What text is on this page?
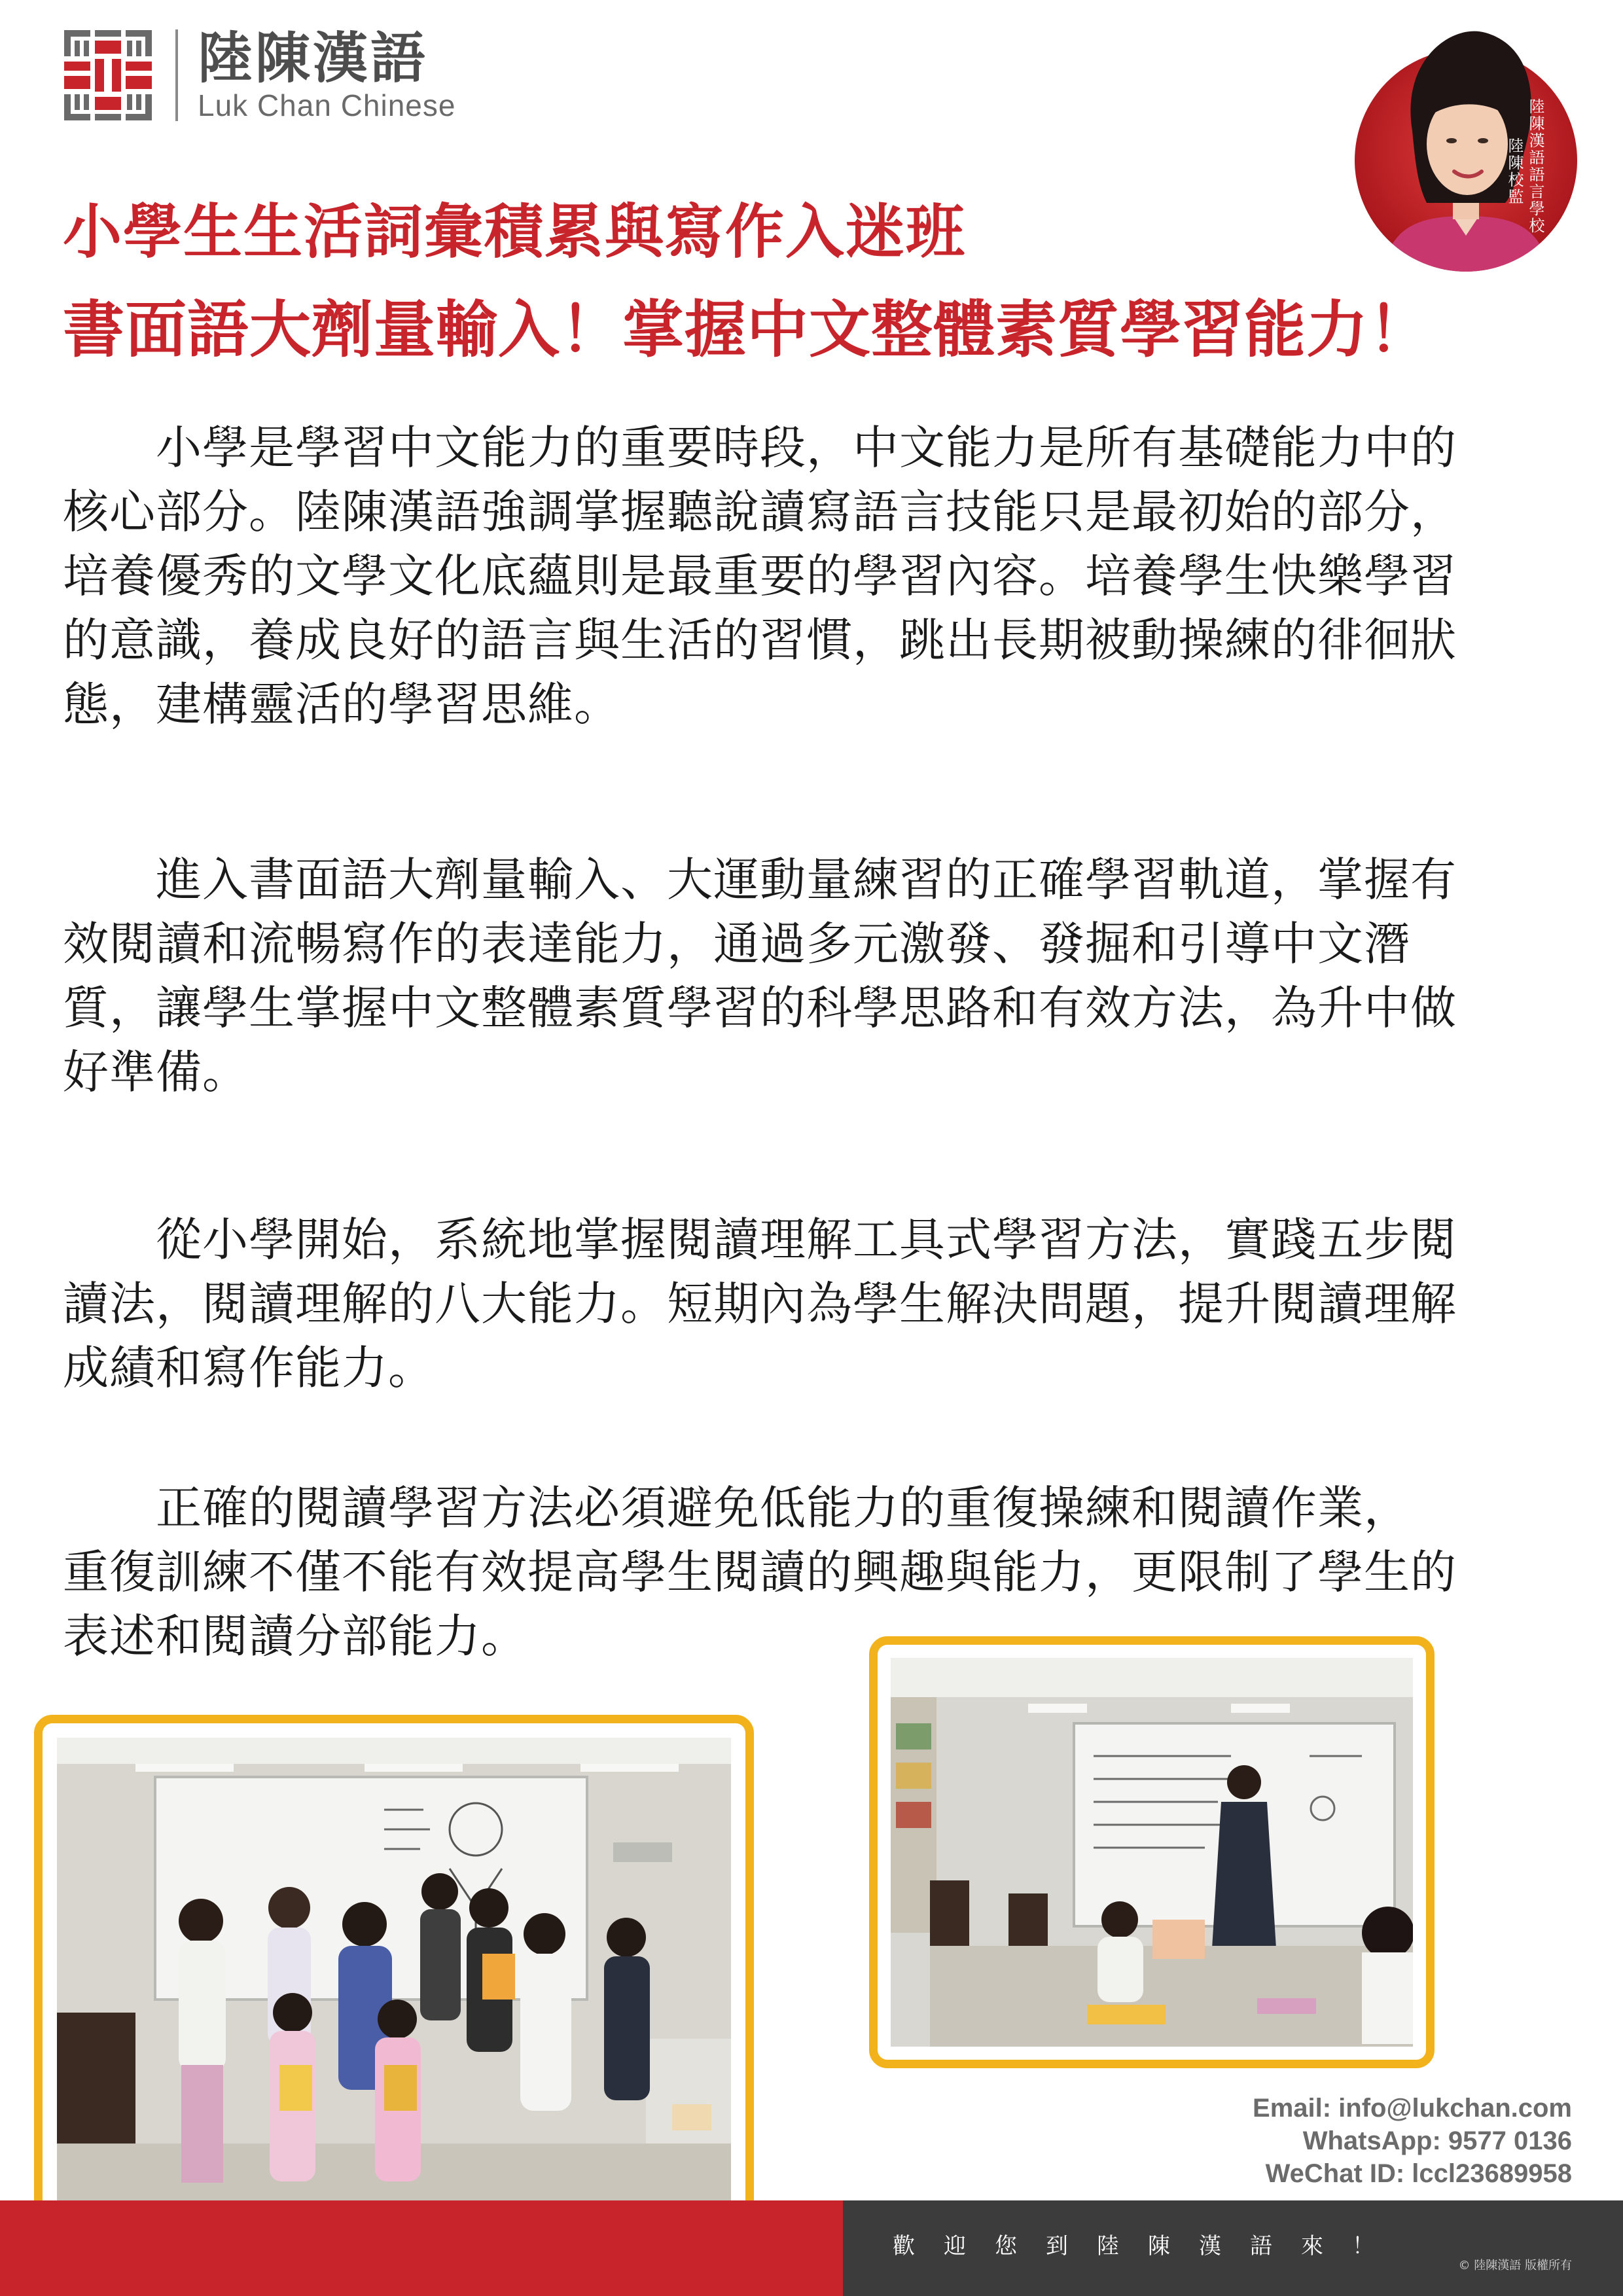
陸陳漢語
Luk Chan Chinese	陸陳漢語語言學校
陸陳校監
小學生生活詞彙積累與寫作入迷班
書面語大劑量輸入！掌握中文整體素質學習能力！

　　小學是學習中文能力的重要時段，中文能力是所有基礎能力中的
核心部分。陸陳漢語強調掌握聽說讀寫語言技能只是最初始的部分，
培養優秀的文學文化底蘊則是最重要的學習內容。培養學生快樂學習
的意識，養成良好的語言與生活的習慣，跳出長期被動操練的徘徊狀
態，建構靈活的學習思維。

　　進入書面語大劑量輸入、大運動量練習的正確學習軌道，掌握有
效閱讀和流暢寫作的表達能力，通過多元激發、發掘和引導中文潛
質，讓學生掌握中文整體素質學習的科學思路和有效方法，為升中做
好準備。

　　從小學開始，系統地掌握閱讀理解工具式學習方法，實踐五步閱
讀法，閱讀理解的八大能力。短期內為學生解決問題，提升閱讀理解
成績和寫作能力。

　　正確的閱讀學習方法必須避免低能力的重復操練和閱讀作業，
重復訓練不僅不能有效提高學生閱讀的興趣與能力，更限制了學生的
表述和閱讀分部能力。

Email: info@lukchan.com
WhatsApp: 9577 0136
WeChat ID: lccl23689958
歡迎您到陸陳漢語來！
© 陸陳漢語 版權所有
